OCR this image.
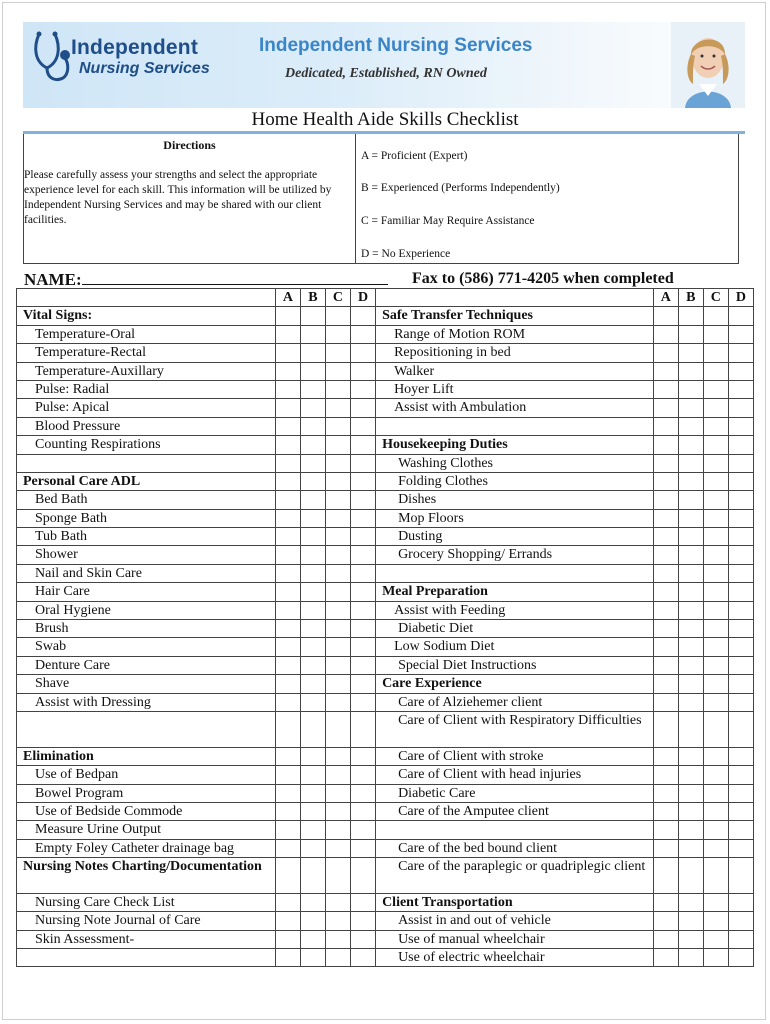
Independent
Nursing Services
Independent Nursing Services
Dedicated, Established, RN Owned
Home Health Aide Skills Checklist
Directions
Please carefully assess your strengths and select the appropriate experience level for each skill. This information will be utilized by Independent Nursing Services and may be shared with our client facilities.
A = Proficient (Expert)
B = Experienced (Performs Independently)
C = Familiar May Require Assistance
D = No Experience
NAME:	Fax to (586) 771-4205 when completed
	A	B	C	D		A	B	C	D
Vital Signs:					Safe Transfer Techniques				
Temperature-Oral					Range of Motion ROM				
Temperature-Rectal					Repositioning in bed				
Temperature-Auxillary					Walker				
Pulse: Radial					Hoyer Lift				
Pulse: Apical					Assist with Ambulation				
Blood Pressure									
Counting Respirations					Housekeeping Duties				
					Washing Clothes				
Personal Care ADL					Folding Clothes				
Bed Bath					Dishes				
Sponge Bath					Mop Floors				
Tub Bath					Dusting				
Shower					Grocery Shopping/ Errands				
Nail and Skin Care									
Hair Care					Meal Preparation				
Oral Hygiene					Assist with Feeding				
Brush					Diabetic Diet				
Swab					Low Sodium Diet				
Denture Care					Special Diet Instructions				
Shave					Care Experience				
Assist with Dressing					Care of Alziehemer client				
					Care of Client with Respiratory Difficulties				
Elimination					Care of Client with stroke				
Use of Bedpan					Care of Client with head injuries				
Bowel Program					Diabetic Care				
Use of Bedside Commode					Care of the Amputee client				
Measure Urine Output									
Empty Foley Catheter drainage bag					Care of the bed bound client				
Nursing Notes Charting/Documentation					Care of the paraplegic or quadriplegic client				
Nursing Care Check List					Client Transportation				
Nursing Note Journal of Care					Assist in and out of vehicle				
Skin Assessment-					Use of manual wheelchair				
					Use of electric wheelchair				
